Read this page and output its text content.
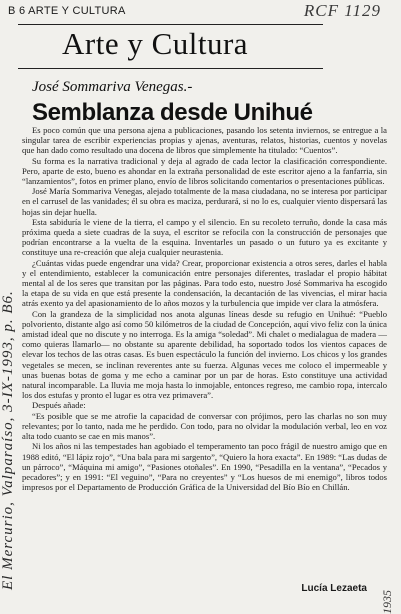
B 6 ARTE Y CULTURA	RCF 1129
Arte y Cultura
José Sommariva Venegas.-
Semblanza desde Unihué

Es poco común que una persona ajena a publicaciones, pasando los setenta inviernos, se entregue a la singular tarea de escribir experiencias propias y ajenas, aventuras, relatos, historias, cuentos y novelas que han dado como resultado una docena de libros que simplemente ha titulado: “Cuentos”.

Su forma es la narrativa tradicional y deja al agrado de cada lector la clasificación correspondiente. Pero, aparte de esto, bueno es ahondar en la extraña personalidad de este escritor ajeno a la fanfarria, sin “lanzamientos”, fotos en primer plano, envío de libros solicitando comentarios o presentaciones públicas.

José María Sommariva Venegas, alejado totalmente de la masa ciudadana, no se interesa por participar en el carrusel de las vanidades; él su obra es maciza, perdurará, si no lo es, cualquier viento dispersará las hojas sin dejar huella.

Esta sabiduría le viene de la tierra, el campo y el silencio. En su recoleto terruño, donde la casa más próxima queda a siete cuadras de la suya, el escritor se refocila con la construcción de personajes que podrían encontrarse a la vuelta de la esquina. Inventarles un pasado o un futuro ya es excitante y constituye una re-creación que aleja cualquier neurastenia.

¿Cuántas vidas puede engendrar una vida? Crear, proporcionar existencia a otros seres, darles el habla y el entendimiento, establecer la comunicación entre personajes diferentes, trasladar el propio hábitat mental al de los seres que transitan por las páginas. Para todo esto, nuestro José Sommariva ha escogido la etapa de su vida en que está presente la condensación, la decantación de las vivencias, el mirar hacia atrás exento ya del apasionamiento de lo años mozos y la turbulencia que impide ver clara la atmósfera.

Con la grandeza de la simplicidad nos anota algunas líneas desde su refugio en Unihué: “Pueblo polvoriento, distante algo así como 50 kilómetros de la ciudad de Concepción, aquí vivo feliz con la única amistad ideal que no discute y no interroga. Es la amiga “soledad”. Mi chalet o medialagua de madera —como quieras llamarlo— no obstante su aparente debilidad, ha soportado todos los vientos capaces de elevar los techos de las otras casas. Es buen espectáculo la función del invierno. Los chicos y los grandes vegetales se mecen, se inclinan reverentes ante su fuerza. Algunas veces me coloco el impermeable y unas buenas botas de goma y me echo a caminar por un par de horas. Esto constituye una actividad natural incomparable. La lluvia me moja hasta lo inmojable, entonces regreso, me cambio ropa, intercalo los dos estufas y pronto el lugar es otra vez primavera”.

Después añade:

“Es posible que se me atrofie la capacidad de conversar con prójimos, pero las charlas no son muy relevantes; por lo tanto, nada me he perdido. Con todo, para no olvidar la modulación verbal, leo en voz alta todo cuanto se cae en mis manos”.

Ni los años ni las tempestades han agobiado el temperamento tan poco frágil de nuestro amigo que en 1988 editó, “El lápiz rojo”, “Una bala para mi sargento”, “Quiero la hora exacta”. En 1989: “Las dudas de un párroco”, “Máquina mi amigo”, “Pasiones otoñales”. En 1990, “Pesadilla en la ventana”, “Pecados y pecadores”; y en 1991: “El veguino”, “Para no creyentes” y “Los huesos de mi enemigo”, libros todos impresos por el Departamento de Producción Gráfica de la Universidad del Bío Bío en Chillán.

Lucía Lezaeta
El Mercurio, Valparaíso, 3-IX-1993, p. B6.
1935
